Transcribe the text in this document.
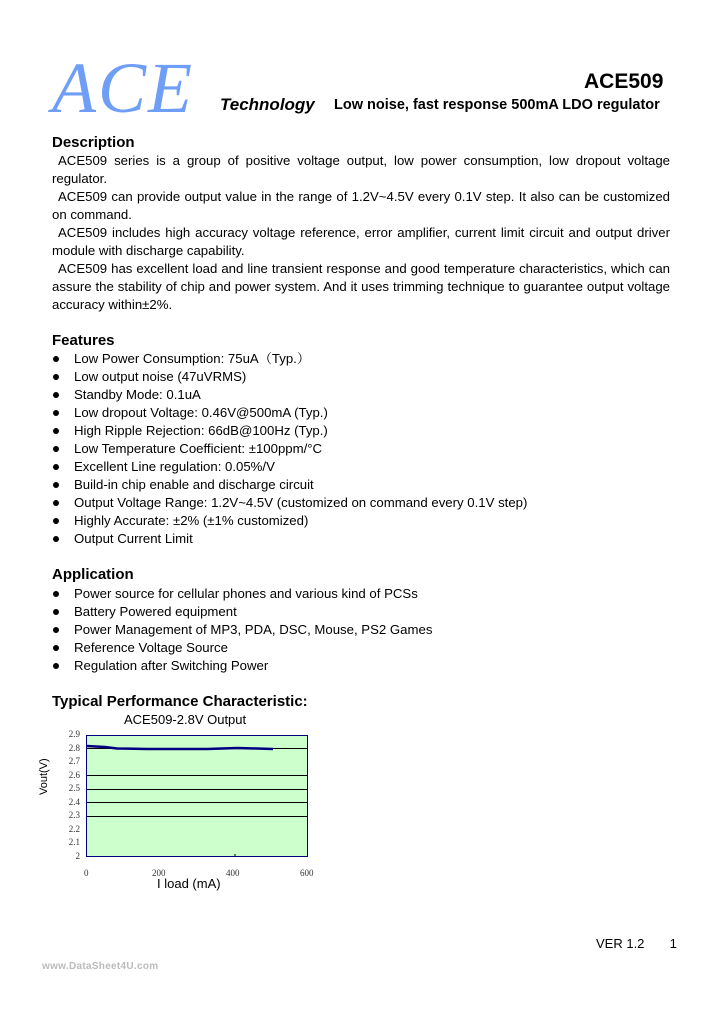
ACE Technology Low noise, fast response 500mA LDO regulator
ACE509
Description

ACE509 series is a group of positive voltage output, low power consumption, low dropout voltage regulator.

ACE509 can provide output value in the range of 1.2V~4.5V every 0.1V step. It also can be customized on command.

ACE509 includes high accuracy voltage reference, error amplifier, current limit circuit and output driver module with discharge capability.

ACE509 has excellent load and line transient response and good temperature characteristics, which can assure the stability of chip and power system. And it uses trimming technique to guarantee output voltage accuracy within±2%.

Features
Low Power Consumption: 75uA（Typ.）
Low output noise (47uVRMS)
Standby Mode: 0.1uA
Low dropout Voltage: 0.46V@500mA (Typ.)
High Ripple Rejection: 66dB@100Hz (Typ.)
Low Temperature Coefficient: ±100ppm/°C
Excellent Line regulation: 0.05%/V
Build-in chip enable and discharge circuit
Output Voltage Range: 1.2V~4.5V (customized on command every 0.1V step)
Highly Accurate: ±2% (±1% customized)
Output Current Limit
Application
Power source for cellular phones and various kind of PCSs
Battery Powered equipment
Power Management of MP3, PDA, DSC, Mouse, PS2 Games
Reference Voltage Source
Regulation after Switching Power
Typical Performance Characteristic:
ACE509-2.8V Output
2.9
2.8
2.7
2.6
2.5
2.4
2.3
2.2
2.1
2
Vout(V)
0	200	400	600
I load (mA)
VER 1.2 1
www.DataSheet4U.com
